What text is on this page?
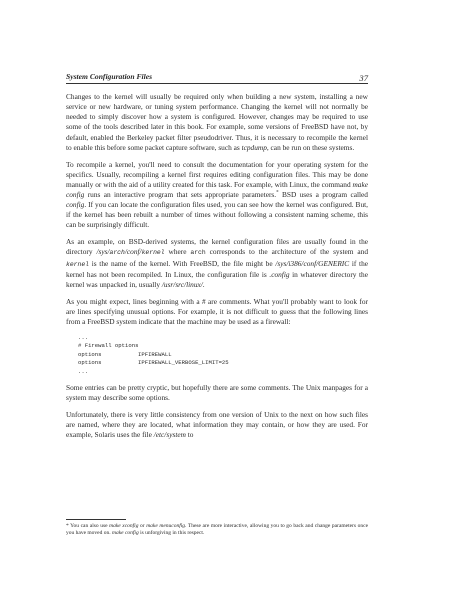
System Configuration Files	37

Changes to the kernel will usually be required only when building a new system, installing a new service or new hardware, or tuning system performance. Changing the kernel will not normally be needed to simply discover how a system is configured. However, changes may be required to use some of the tools described later in this book. For example, some versions of FreeBSD have not, by default, enabled the Berkeley packet filter pseudodriver. Thus, it is necessary to recompile the kernel to enable this before some packet capture software, such as tcpdump, can be run on these systems.

To recompile a kernel, you'll need to consult the documentation for your operating system for the specifics. Usually, recompiling a kernel first requires editing configuration files. This may be done manually or with the aid of a utility created for this task. For example, with Linux, the command make config runs an interactive program that sets appropriate parameters.* BSD uses a program called config. If you can locate the configuration files used, you can see how the kernel was configured. But, if the kernel has been rebuilt a number of times without following a consistent naming scheme, this can be surprisingly difficult.

As an example, on BSD-derived systems, the kernel configuration files are usually found in the directory /sys/arch/conf/kernel where arch corresponds to the architecture of the system and kernel is the name of the kernel. With FreeBSD, the file might be /sys/i386/conf/GENERIC if the kernel has not been recompiled. In Linux, the configuration file is .config in whatever directory the kernel was unpacked in, usually /usr/src/linux/.

As you might expect, lines beginning with a # are comments. What you'll probably want to look for are lines specifying unusual options. For example, it is not difficult to guess that the following lines from a FreeBSD system indicate that the machine may be used as a firewall:

...
# Firewall options
options	IPFIREWALL
options	IPFIREWALL_VERBOSE_LIMIT=25
...

Some entries can be pretty cryptic, but hopefully there are some comments. The Unix manpages for a system may describe some options.

Unfortunately, there is very little consistency from one version of Unix to the next on how such files are named, where they are located, what information they may contain, or how they are used. For example, Solaris uses the file /etc/system to

* You can also use make xconfig or make menuconfig. These are more interactive, allowing you to go back and change parameters once you have moved on. make config is unforgiving in this respect.
